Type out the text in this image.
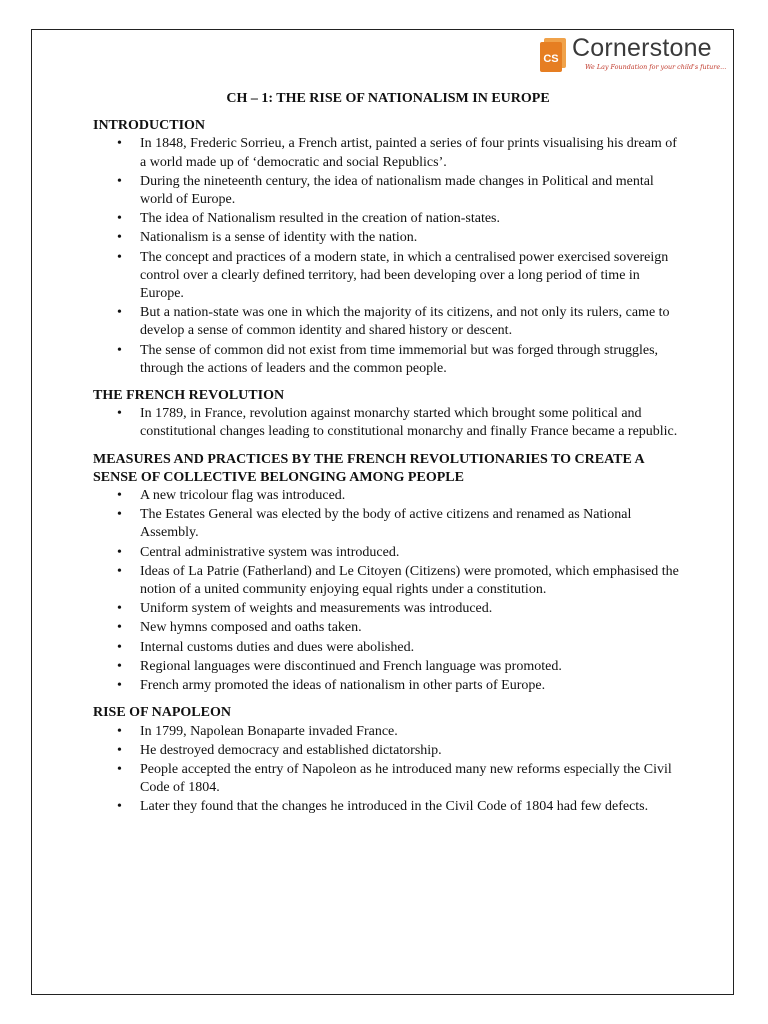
CS Cornerstone
We Lay Foundation for your child's future...
CH – 1: THE RISE OF NATIONALISM IN EUROPE
INTRODUCTION
• In 1848, Frederic Sorrieu, a French artist, painted a series of four prints visualising his dream of a world made up of ‘democratic and social Republics’.
• During the nineteenth century, the idea of nationalism made changes in Political and mental world of Europe.
• The idea of Nationalism resulted in the creation of nation-states.
• Nationalism is a sense of identity with the nation.
• The concept and practices of a modern state, in which a centralised power exercised sovereign control over a clearly defined territory, had been developing over a long period of time in Europe.
• But a nation-state was one in which the majority of its citizens, and not only its rulers, came to develop a sense of common identity and shared history or descent.
• The sense of common did not exist from time immemorial but was forged through struggles, through the actions of leaders and the common people.
THE FRENCH REVOLUTION
• In 1789, in France, revolution against monarchy started which brought some political and constitutional changes leading to constitutional monarchy and finally France became a republic.
MEASURES AND PRACTICES BY THE FRENCH REVOLUTIONARIES TO CREATE A SENSE OF COLLECTIVE BELONGING AMONG PEOPLE
• A new tricolour flag was introduced.
• The Estates General was elected by the body of active citizens and renamed as National Assembly.
• Central administrative system was introduced.
• Ideas of La Patrie (Fatherland) and Le Citoyen (Citizens) were promoted, which emphasised the notion of a united community enjoying equal rights under a constitution.
• Uniform system of weights and measurements was introduced.
• New hymns composed and oaths taken.
• Internal customs duties and dues were abolished.
• Regional languages were discontinued and French language was promoted.
• French army promoted the ideas of nationalism in other parts of Europe.
RISE OF NAPOLEON
• In 1799, Napolean Bonaparte invaded France.
• He destroyed democracy and established dictatorship.
• People accepted the entry of Napoleon as he introduced many new reforms especially the Civil Code of 1804.
• Later they found that the changes he introduced in the Civil Code of 1804 had few defects.
